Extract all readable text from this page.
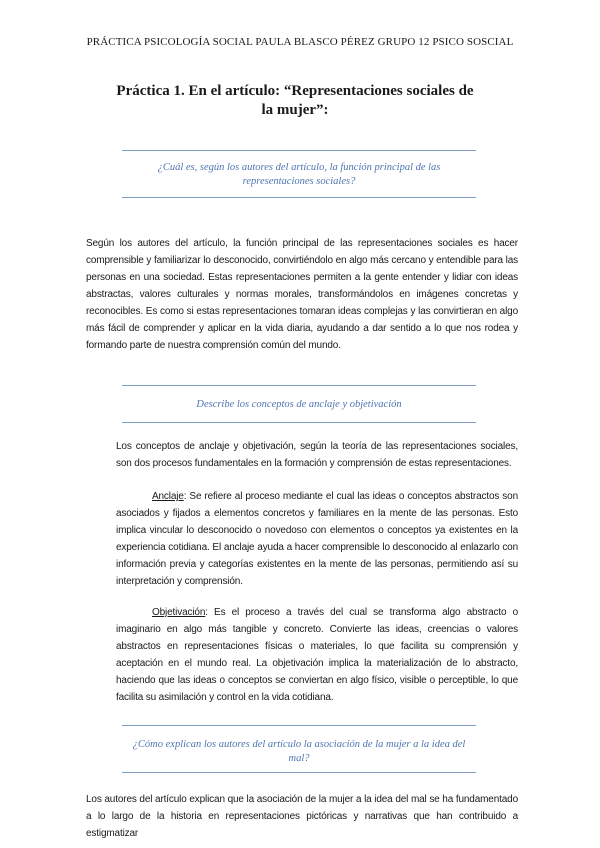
PRÁCTICA PSICOLOGÍA SOCIAL PAULA BLASCO PÉREZ GRUPO 12 PSICO SOSCIAL
Práctica 1. En el artículo: “Representaciones sociales de la mujer”:
¿Cuál es, según los autores del artículo, la función principal de las representaciones sociales?
Según los autores del artículo, la función principal de las representaciones sociales es hacer comprensible y familiarizar lo desconocido, convirtiéndolo en algo más cercano y entendible para las personas en una sociedad. Estas representaciones permiten a la gente entender y lidiar con ideas abstractas, valores culturales y normas morales, transformándolos en imágenes concretas y reconocibles. Es como si estas representaciones tomaran ideas complejas y las convirtieran en algo más fácil de comprender y aplicar en la vida diaria, ayudando a dar sentido a lo que nos rodea y formando parte de nuestra comprensión común del mundo.
Describe los conceptos de anclaje y objetivación
Los conceptos de anclaje y objetivación, según la teoría de las representaciones sociales, son dos procesos fundamentales en la formación y comprensión de estas representaciones.
Anclaje: Se refiere al proceso mediante el cual las ideas o conceptos abstractos son asociados y fijados a elementos concretos y familiares en la mente de las personas. Esto implica vincular lo desconocido o novedoso con elementos o conceptos ya existentes en la experiencia cotidiana. El anclaje ayuda a hacer comprensible lo desconocido al enlazarlo con información previa y categorías existentes en la mente de las personas, permitiendo así su interpretación y comprensión.
Objetivación: Es el proceso a través del cual se transforma algo abstracto o imaginario en algo más tangible y concreto. Convierte las ideas, creencias o valores abstractos en representaciones físicas o materiales, lo que facilita su comprensión y aceptación en el mundo real. La objetivación implica la materialización de lo abstracto, haciendo que las ideas o conceptos se conviertan en algo físico, visible o perceptible, lo que facilita su asimilación y control en la vida cotidiana.
¿Cómo explican los autores del artículo la asociación de la mujer a la idea del mal?
Los autores del artículo explican que la asociación de la mujer a la idea del mal se ha fundamentado a lo largo de la historia en representaciones pictóricas y narrativas que han contribuido a estigmatizar
